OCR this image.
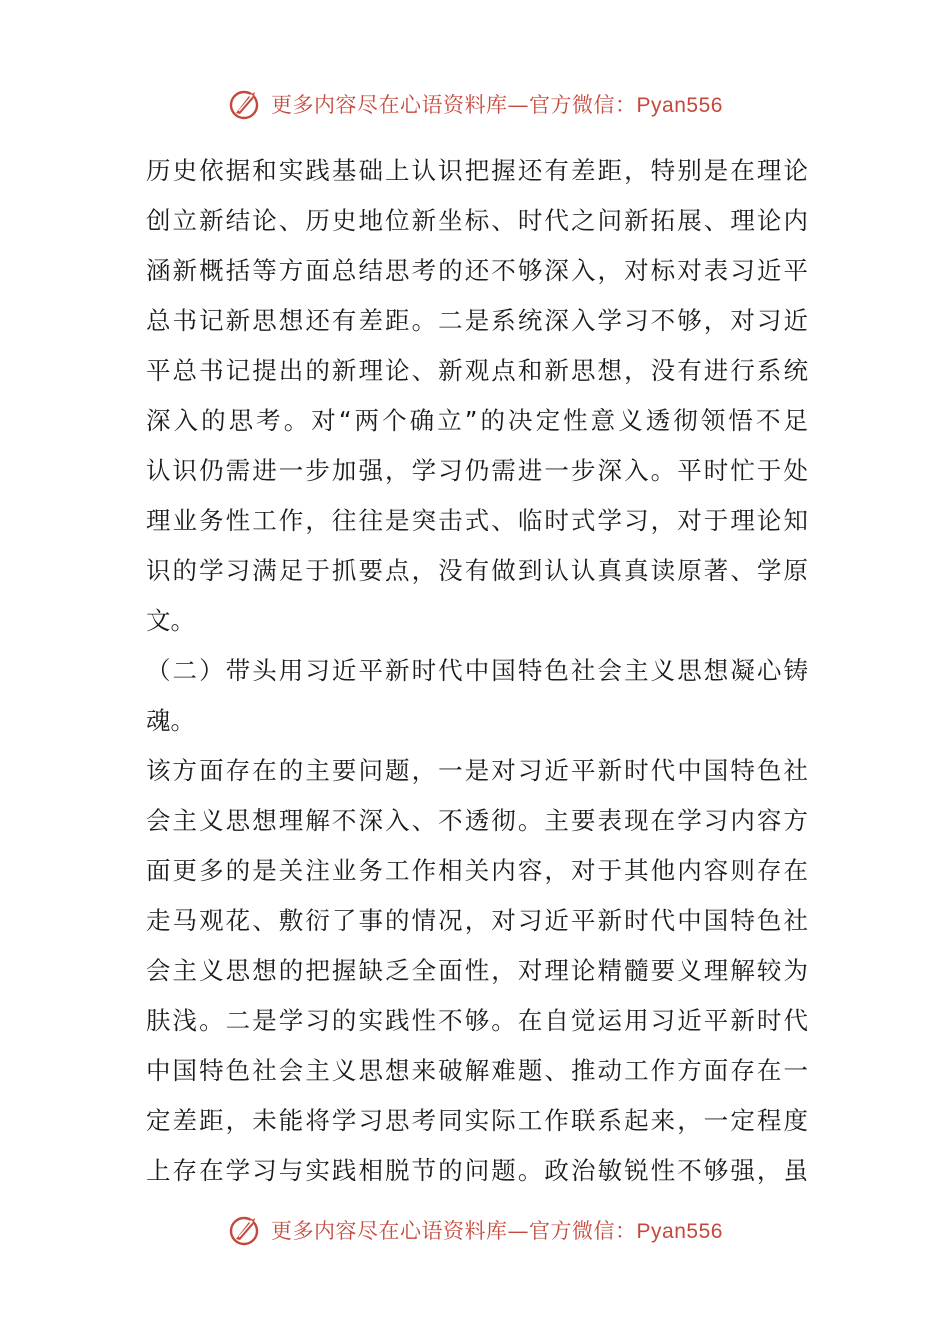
更多内容尽在心语资料库—官方微信：Pyan556
历史依据和实践基础上认识把握还有差距，特别是在理论
创立新结论、历史地位新坐标、时代之问新拓展、理论内
涵新概括等方面总结思考的还不够深入，对标对表习近平
总书记新思想还有差距。二是系统深入学习不够，对习近
平总书记提出的新理论、新观点和新思想，没有进行系统
深入的思考。对“两个确立”的决定性意义透彻领悟不足
认识仍需进一步加强，学习仍需进一步深入。平时忙于处
理业务性工作，往往是突击式、临时式学习，对于理论知
识的学习满足于抓要点，没有做到认认真真读原著、学原
文。
（二）带头用习近平新时代中国特色社会主义思想凝心铸
魂。
该方面存在的主要问题，一是对习近平新时代中国特色社
会主义思想理解不深入、不透彻。主要表现在学习内容方
面更多的是关注业务工作相关内容，对于其他内容则存在
走马观花、敷衍了事的情况，对习近平新时代中国特色社
会主义思想的把握缺乏全面性，对理论精髓要义理解较为
肤浅。二是学习的实践性不够。在自觉运用习近平新时代
中国特色社会主义思想来破解难题、推动工作方面存在一
定差距，未能将学习思考同实际工作联系起来，一定程度
上存在学习与实践相脱节的问题。政治敏锐性不够强，虽
更多内容尽在心语资料库—官方微信：Pyan556
